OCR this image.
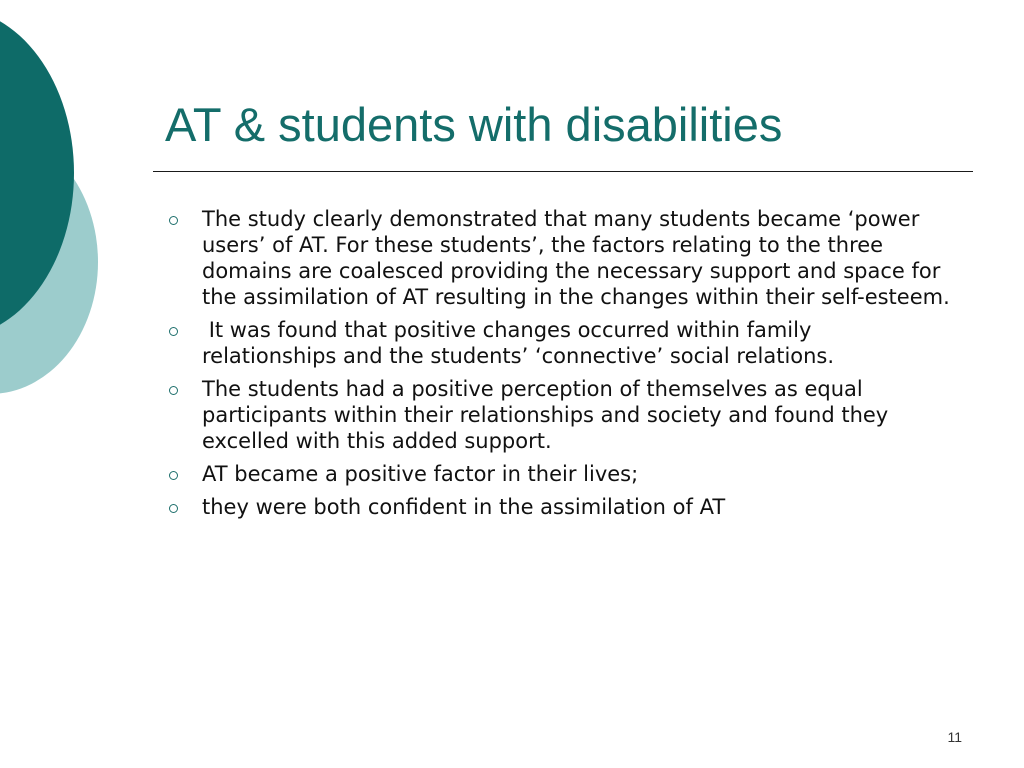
AT & students with disabilities
The study clearly demonstrated that many students became ‘power users’ of AT. For these students’, the factors relating to the three domains are coalesced providing the necessary support and space for the assimilation of AT resulting in the changes within their self-esteem.
It was found that positive changes occurred within family relationships and the students’ ‘connective’ social relations.
The students had a positive perception of themselves as equal participants within their relationships and society and found they excelled with this added support.
AT became a positive factor in their lives;
they were both confident in the assimilation of AT
11
